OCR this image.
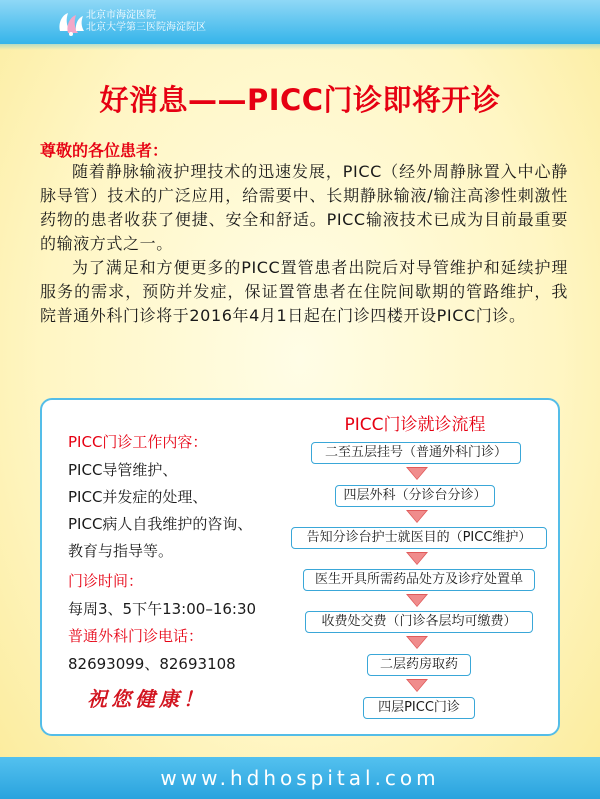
北京市海淀医院
北京大学第三医院海淀院区
好消息——PICC门诊即将开诊
尊敬的各位患者：

随着静脉输液护理技术的迅速发展，PICC（经外周静脉置入中心静脉导管）技术的广泛应用，给需要中、长期静脉输液/输注高渗性刺激性药物的患者收获了便捷、安全和舒适。PICC输液技术已成为目前最重要的输液方式之一。

为了满足和方便更多的PICC置管患者出院后对导管维护和延续护理服务的需求，预防并发症，保证置管患者在住院间歇期的管路维护，我院普通外科门诊将于2016年4月1日起在门诊四楼开设PICC门诊。

PICC门诊工作内容：
PICC导管维护、
PICC并发症的处理、
PICC病人自我维护的咨询、
教育与指导等。
门诊时间：
每周3、5下午13:00–16:30
普通外科门诊电话：
82693099、82693108
祝您健康！
PICC门诊就诊流程
二至五层挂号（普通外科门诊）
四层外科（分诊台分诊）
告知分诊台护士就医目的（PICC维护）
医生开具所需药品处方及诊疗处置单
收费处交费（门诊各层均可缴费）
二层药房取药
四层PICC门诊
www.hdhospital.com
